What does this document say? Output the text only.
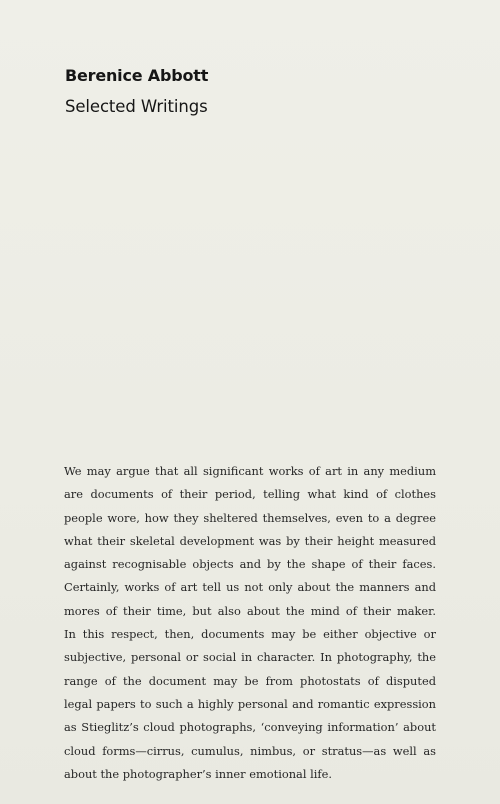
Berenice Abbott
Selected Writings
We may argue that all significant works of art in any medium
are documents of their period, telling what kind of clothes
people wore, how they sheltered themselves, even to a degree
what their skeletal development was by their height measured
against recognisable objects and by the shape of their faces.
Certainly, works of art tell us not only about the manners and
mores of their time, but also about the mind of their maker.
In this respect, then, documents may be either objective or
subjective, personal or social in character. In photography, the
range of the document may be from photostats of disputed
legal papers to such a highly personal and romantic expression
as Stieglitz’s cloud photographs, ‘conveying information’ about
cloud forms—cirrus, cumulus, nimbus, or stratus—as well as
about the photographer’s inner emotional life.
